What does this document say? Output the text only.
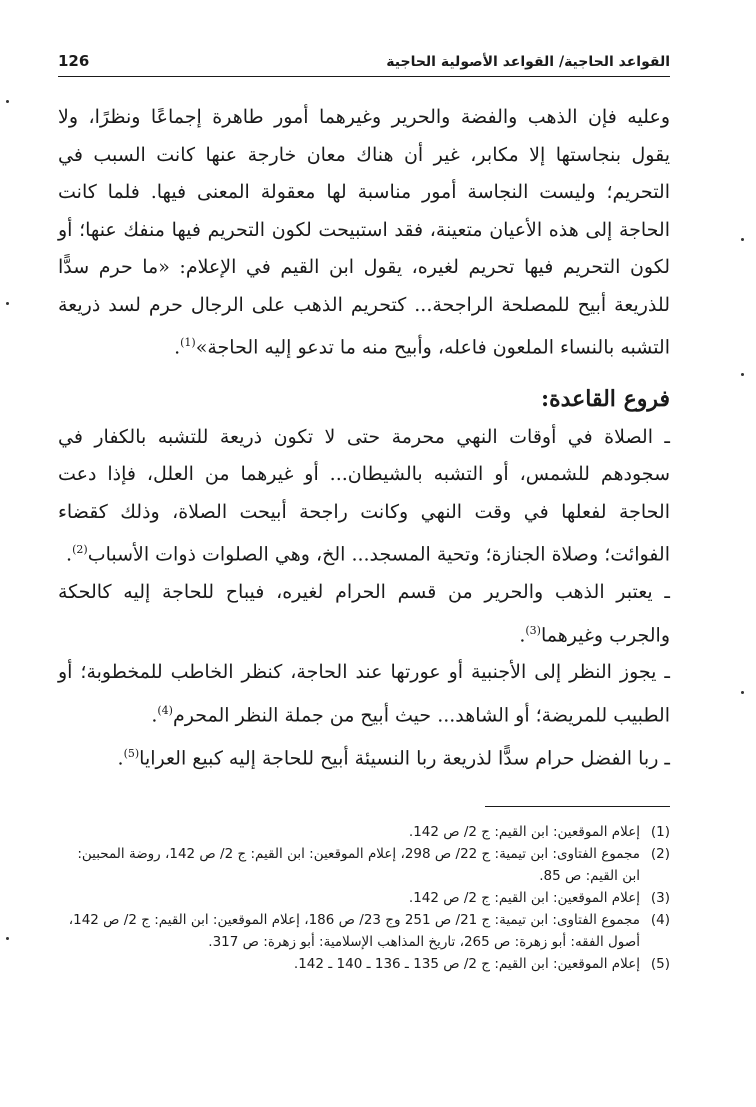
القواعد الحاجية/ القواعد الأصولية الحاجية
126

وعليه فإن الذهب والفضة والحرير وغيرهما أمور طاهرة إجماعًا ونظرًا، ولا يقول بنجاستها إلا مكابر، غير أن هناك معان خارجة عنها كانت السبب في التحريم؛ وليست النجاسة أمور مناسبة لها معقولة المعنى فيها. فلما كانت الحاجة إلى هذه الأعيان متعينة، فقد استبيحت لكون التحريم فيها منفك عنها؛ أو لكون التحريم فيها تحريم لغيره، يقول ابن القيم في الإعلام: «ما حرم سدًّا للذريعة أبيح للمصلحة الراجحة... كتحريم الذهب على الرجال حرم لسد ذريعة التشبه بالنساء الملعون فاعله، وأبيح منه ما تدعو إليه الحاجة»$^{(1)}$.

فروع القاعدة:

ـ الصلاة في أوقات النهي محرمة حتى لا تكون ذريعة للتشبه بالكفار في سجودهم للشمس، أو التشبه بالشيطان... أو غيرهما من العلل، فإذا دعت الحاجة لفعلها في وقت النهي وكانت راجحة أبيحت الصلاة، وذلك كقضاء الفوائت؛ وصلاة الجنازة؛ وتحية المسجد... الخ، وهي الصلوات ذوات الأسباب$^{(2)}$.

ـ يعتبر الذهب والحرير من قسم الحرام لغيره، فيباح للحاجة إليه كالحكة والجرب وغيرهما$^{(3)}$.

ـ يجوز النظر إلى الأجنبية أو عورتها عند الحاجة، كنظر الخاطب للمخطوبة؛ أو الطبيب للمريضة؛ أو الشاهد... حيث أبيح من جملة النظر المحرم$^{(4)}$.

ـ ربا الفضل حرام سدًّا لذريعة ربا النسيئة أبيح للحاجة إليه كبيع العرايا$^{(5)}$.

(1)
إعلام الموقعين: ابن القيم: ج 2/ ص 142.
(2)
مجموع الفتاوى: ابن تيمية: ج 22/ ص 298، إعلام الموقعين: ابن القيم: ج 2/ ص 142، روضة المحبين: ابن القيم: ص 85.
(3)
إعلام الموقعين: ابن القيم: ج 2/ ص 142.
(4)
مجموع الفتاوى: ابن تيمية: ج 21/ ص 251 وج 23/ ص 186، إعلام الموقعين: ابن القيم: ج 2/ ص 142، أصول الفقه: أبو زهرة: ص 265، تاريخ المذاهب الإسلامية: أبو زهرة: ص 317.
(5)
إعلام الموقعين: ابن القيم: ج 2/ ص 135 ـ 136 ـ 140 ـ 142.
